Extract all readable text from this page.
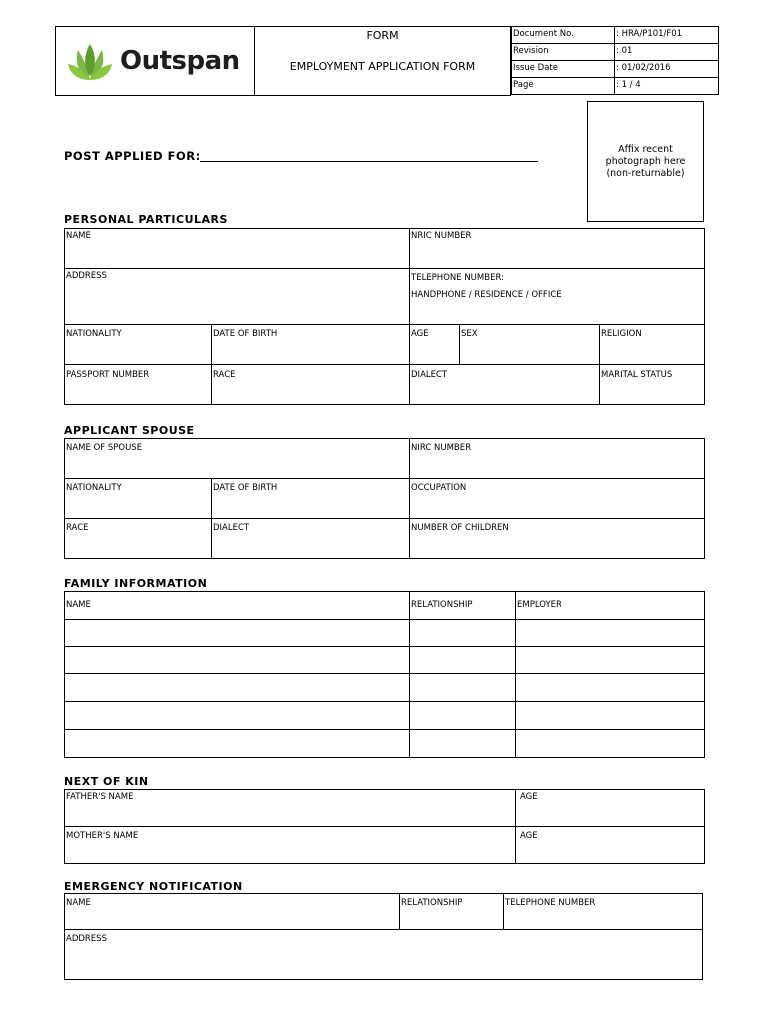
Outspan
FORM
EMPLOYMENT APPLICATION FORM
Document No.	: HRA/P101/F01
Revision	: 01
Issue Date	: 01/02/2016
Page	: 1 / 4
Affix recent
photograph here
(non-returnable)
POST APPLIED FOR:
PERSONAL PARTICULARS
NAME		NRIC NUMBER		
ADDRESS		TELEPHONE NUMBER:
HANDPHONE / RESIDENCE / OFFICE		

NATIONALITY	DATE OF BIRTH	AGE	SEX	RELIGION
PASSPORT NUMBER	RACE	DIALECT		MARITAL STATUS
APPLICANT SPOUSE
NAME OF SPOUSE		NIRC NUMBER
NATIONALITY	DATE OF BIRTH	OCCUPATION
RACE	DIALECT	NUMBER OF CHILDREN
FAMILY INFORMATION
NAME	RELATIONSHIP	EMPLOYER

NEXT OF KIN
FATHER'S NAME	AGE
MOTHER'S NAME	AGE
EMERGENCY NOTIFICATION
NAME	RELATIONSHIP	TELEPHONE NUMBER
ADDRESS
